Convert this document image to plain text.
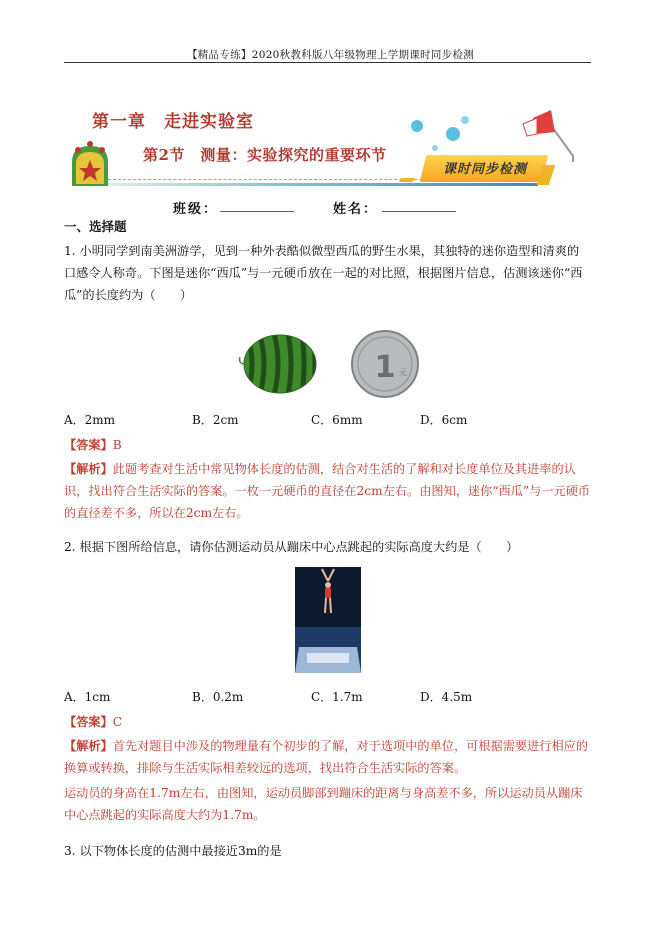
【精品专练】2020秋教科版八年级物理上学期课时同步检测
第一章　走进实验室
第2节　测量：实验探究的重要环节
课时同步检测
班级：	姓名：
一、选择题
1. 小明同学到南美洲游学，见到一种外表酷似微型西瓜的野生水果，其独特的迷你造型和清爽的口感令人称奇。下图是迷你“西瓜”与一元硬币放在一起的对比照，根据图片信息，估测该迷你“西瓜”的长度约为（　　）
1 元
A．2mm	B．2cm	C．6mm	D．6cm
【答案】B
【解析】此题考查对生活中常见物体长度的估测，结合对生活的了解和对长度单位及其进率的认识，找出符合生活实际的答案。一枚一元硬币的直径在2cm左右。由图知，迷你“西瓜”与一元硬币的直径差不多，所以在2cm左右。
2. 根据下图所给信息，请你估测运动员从蹦床中心点跳起的实际高度大约是（　　）
A．1cm	B．0.2m	C．1.7m	D．4.5m
【答案】C
【解析】首先对题目中涉及的物理量有个初步的了解，对于选项中的单位，可根据需要进行相应的换算或转换，排除与生活实际相差较远的选项，找出符合生活实际的答案。
运动员的身高在1.7m左右，由图知，运动员脚部到蹦床的距离与身高差不多，所以运动员从蹦床中心点跳起的实际高度大约为1.7m。
3. 以下物体长度的估测中最接近3m的是
